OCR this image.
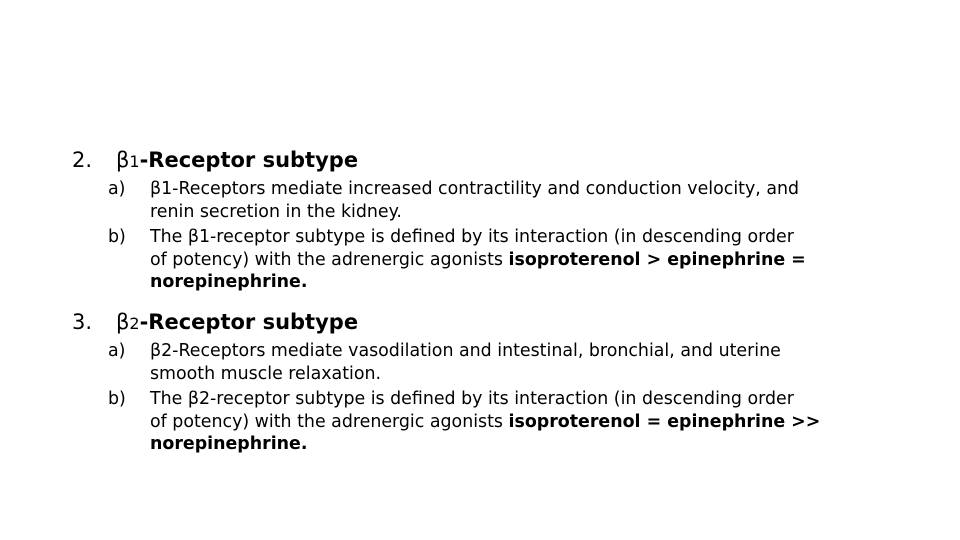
2. β1-Receptor subtype
a) β1-Receptors mediate increased contractility and conduction velocity, and
renin secretion in the kidney.
b) The β1-receptor subtype is defined by its interaction (in descending order
of potency) with the adrenergic agonists isoproterenol > epinephrine =
norepinephrine.
3. β2-Receptor subtype
a) β2-Receptors mediate vasodilation and intestinal, bronchial, and uterine
smooth muscle relaxation.
b) The β2-receptor subtype is defined by its interaction (in descending order
of potency) with the adrenergic agonists isoproterenol = epinephrine >>
norepinephrine.
